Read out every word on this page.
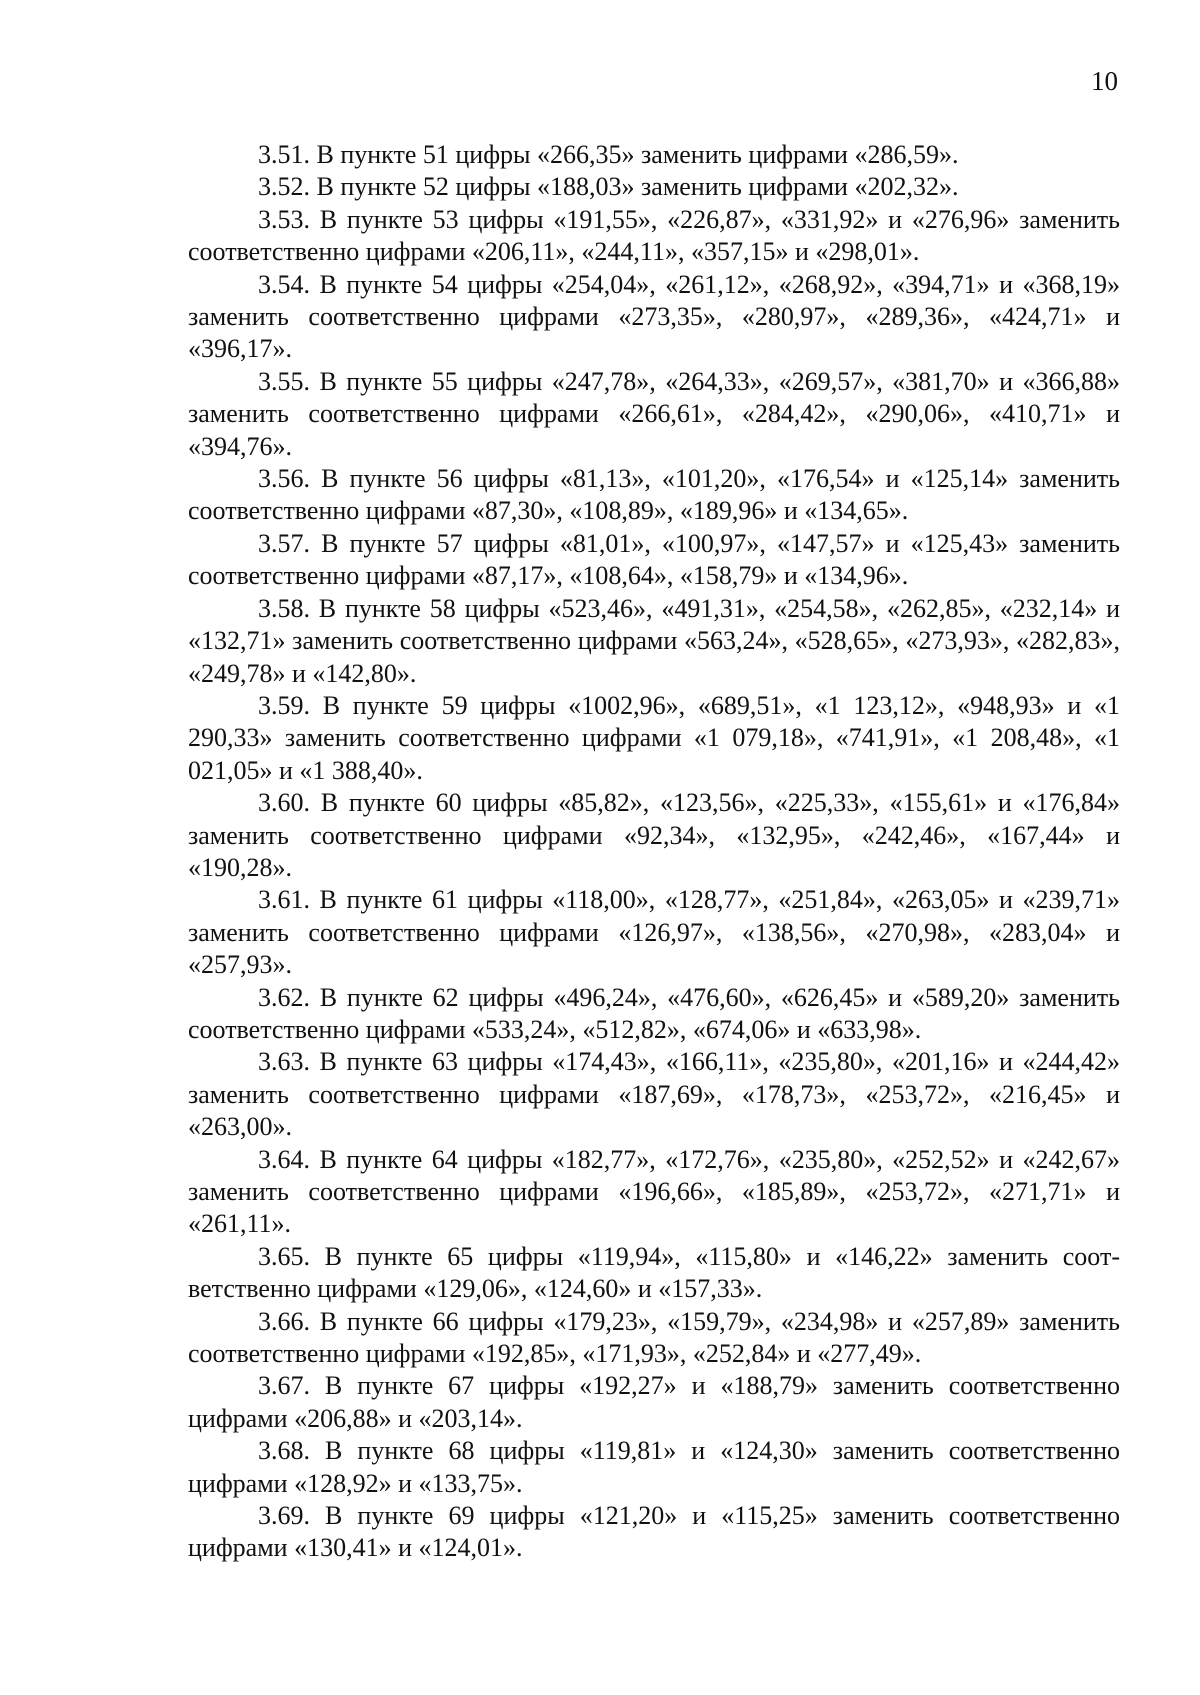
10

3.51. В пункте 51 цифры «266,35» заменить цифрами «286,59».

3.52. В пункте 52 цифры «188,03» заменить цифрами «202,32».

3.53. В пункте 53 цифры «191,55», «226,87», «331,92» и «276,96» заменить соответственно цифрами «206,11», «244,11», «357,15» и «298,01».

3.54. В пункте 54 цифры «254,04», «261,12», «268,92», «394,71» и «368,19» заменить соответственно цифрами «273,35», «280,97», «289,36», «424,71» и «396,17».

3.55. В пункте 55 цифры «247,78», «264,33», «269,57», «381,70» и «366,88» заменить соответственно цифрами «266,61», «284,42», «290,06», «410,71» и «394,76».

3.56. В пункте 56 цифры «81,13», «101,20», «176,54» и «125,14» заменить соответственно цифрами «87,30», «108,89», «189,96» и «134,65».

3.57. В пункте 57 цифры «81,01», «100,97», «147,57» и «125,43» заменить соответственно цифрами «87,17», «108,64», «158,79» и «134,96».

3.58. В пункте 58 цифры «523,46», «491,31», «254,58», «262,85», «232,14» и «132,71» заменить соответственно цифрами «563,24», «528,65», «273,93», «282,83», «249,78» и «142,80».

3.59. В пункте 59 цифры «1002,96», «689,51», «1 123,12», «948,93» и «1 290,33» заменить соответственно цифрами «1 079,18», «741,91», «1 208,48», «1 021,05» и «1 388,40».

3.60. В пункте 60 цифры «85,82», «123,56», «225,33», «155,61» и «176,84» заменить соответственно цифрами «92,34», «132,95», «242,46», «167,44» и «190,28».

3.61. В пункте 61 цифры «118,00», «128,77», «251,84», «263,05» и «239,71» заменить соответственно цифрами «126,97», «138,56», «270,98», «283,04» и «257,93».

3.62. В пункте 62 цифры «496,24», «476,60», «626,45» и «589,20» заменить соответственно цифрами «533,24», «512,82», «674,06» и «633,98».

3.63. В пункте 63 цифры «174,43», «166,11», «235,80», «201,16» и «244,42» заменить соответственно цифрами «187,69», «178,73», «253,72», «216,45» и «263,00».

3.64. В пункте 64 цифры «182,77», «172,76», «235,80», «252,52» и «242,67» заменить соответственно цифрами «196,66», «185,89», «253,72», «271,71» и «261,11».

3.65. В пункте 65 цифры «119,94», «115,80» и «146,22» заменить соответственно цифрами «129,06», «124,60» и «157,33».

3.66. В пункте 66 цифры «179,23», «159,79», «234,98» и «257,89» заменить соответственно цифрами «192,85», «171,93», «252,84» и «277,49».

3.67. В пункте 67 цифры «192,27» и «188,79» заменить соответственно цифрами «206,88» и «203,14».

3.68. В пункте 68 цифры «119,81» и «124,30» заменить соответственно цифрами «128,92» и «133,75».

3.69. В пункте 69 цифры «121,20» и «115,25» заменить соответственно цифрами «130,41» и «124,01».
